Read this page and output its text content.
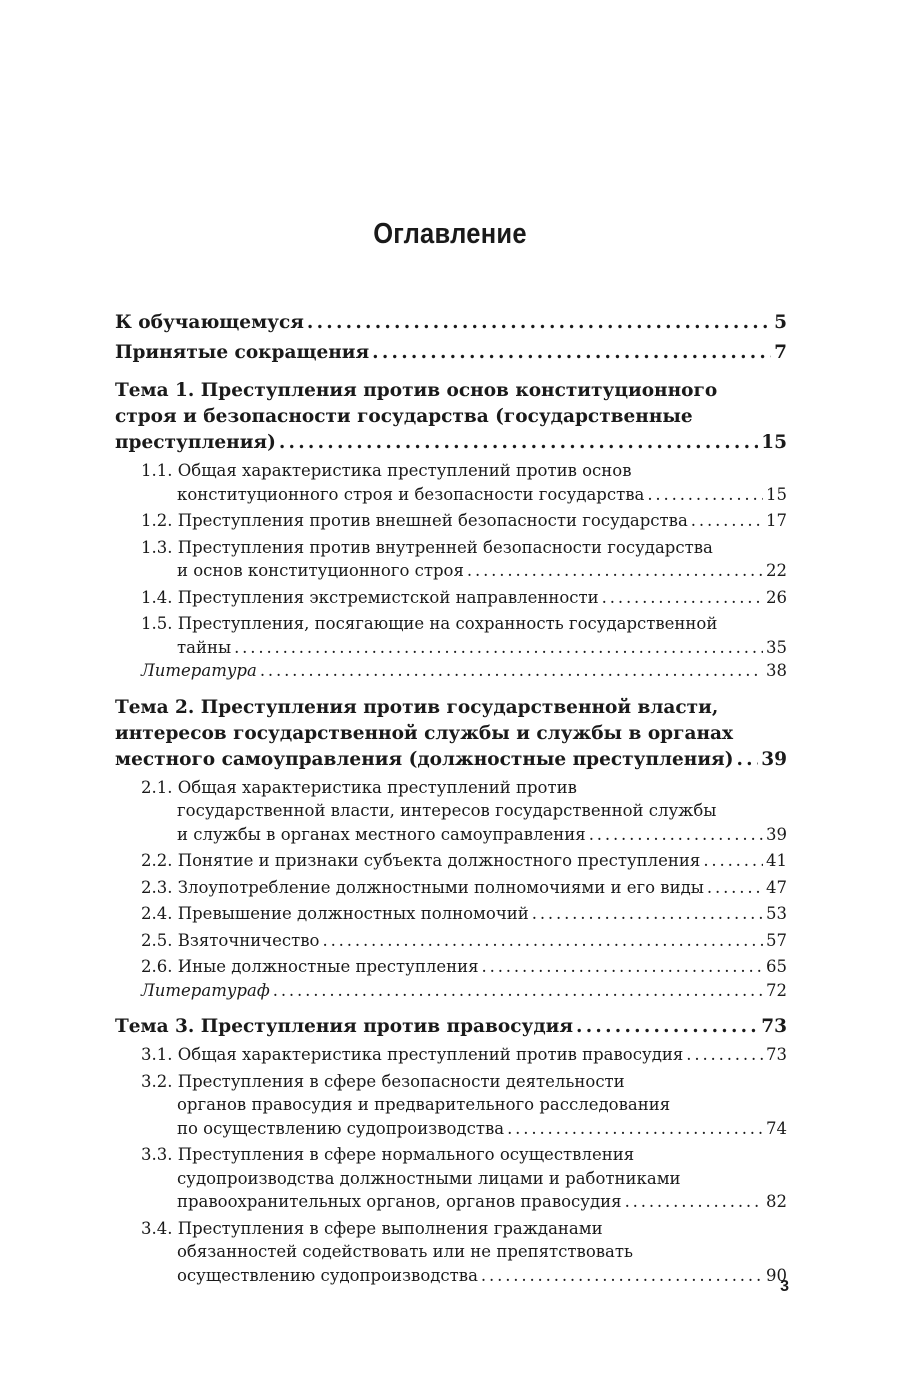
Оглавление
К обучающемуся . . .	5
Принятые сокращения . . .	7
Тема 1. Преступления против основ конституционного
строя и безопасности государства (государственные
преступления) . . .	15
1.1. Общая характеристика преступлений против основ
конституционного строя и безопасности государства . . .	15
1.2. Преступления против внешней безопасности государства . . .	17
1.3. Преступления против внутренней безопасности государства
и основ конституционного строя . . .	22
1.4. Преступления экстремистской направленности . . .	26
1.5. Преступления, посягающие на сохранность государственной
тайны . . .	35
Литература . . .	38
Тема 2. Преступления против государственной власти,
интересов государственной службы и службы в органах
местного самоуправления (должностные преступления) . . . 39
2.1. Общая характеристика преступлений против
государственной власти, интересов государственной службы
и службы в органах местного самоуправления . . .	39
2.2. Понятие и признаки субъекта должностного преступления . . .	41
2.3. Злоупотребление должностными полномочиями и его виды . . .	47
2.4. Превышение должностных полномочий . . .	53
2.5. Взяточничество . . .	57
2.6. Иные должностные преступления . . .	65
Литературaф . . .	72
Тема 3. Преступления против правосудия . . .	73
3.1. Общая характеристика преступлений против правосудия . . .	73
3.2. Преступления в сфере безопасности деятельности
органов правосудия и предварительного расследования
по осуществлению судопроизводства . . .	74
3.3. Преступления в сфере нормального осуществления
судопроизводства должностными лицами и работниками
правоохранительных органов, органов правосудия . . .	82
3.4. Преступления в сфере выполнения гражданами
обязанностей содействовать или не препятствовать
осуществлению судопроизводства . . .	90
3
